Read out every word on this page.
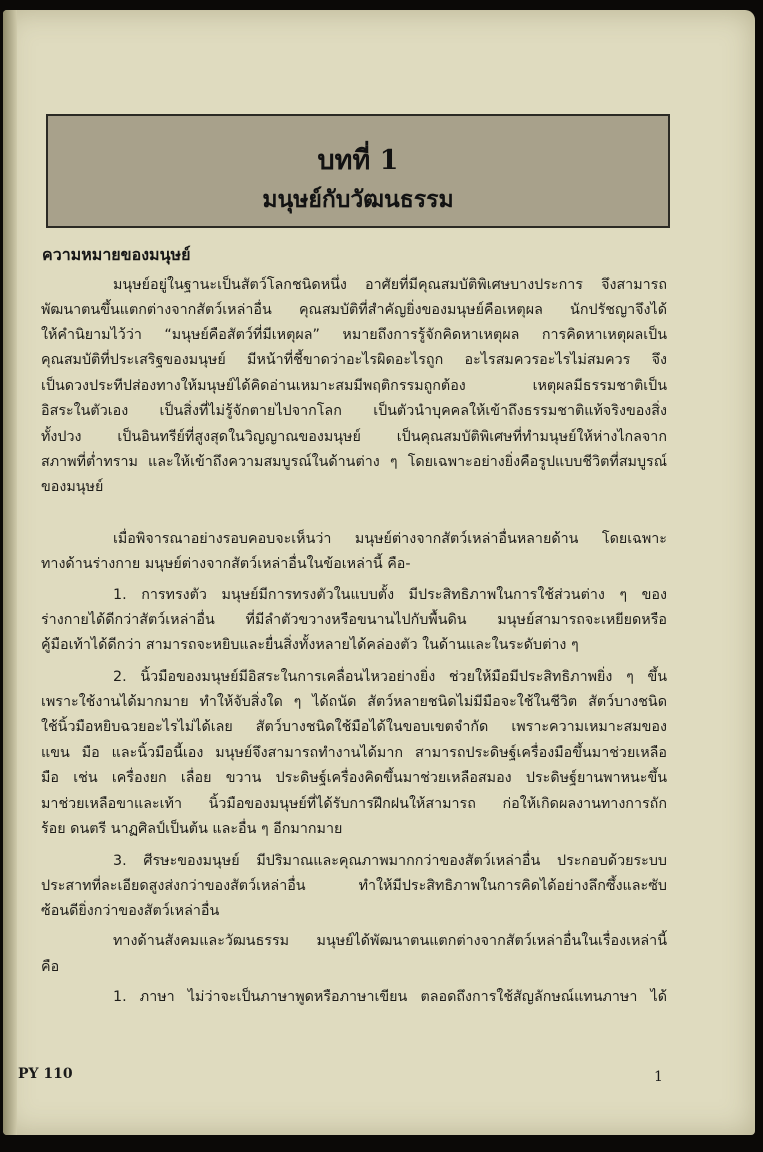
บทที่ 1
มนุษย์กับวัฒนธรรม
ความหมายของมนุษย์
มนุษย์อยู่ในฐานะเป็นสัตว์โลกชนิดหนึ่ง อาศัยที่มีคุณสมบัติพิเศษบางประการ จึงสามารถ
พัฒนาตนขึ้นแตกต่างจากสัตว์เหล่าอื่น คุณสมบัติที่สำคัญยิ่งของมนุษย์คือเหตุผล นักปรัชญาจึงได้
ให้คำนิยามไว้ว่า “มนุษย์คือสัตว์ที่มีเหตุผล” หมายถึงการรู้จักคิดหาเหตุผล การคิดหาเหตุผลเป็น
คุณสมบัติที่ประเสริฐของมนุษย์ มีหน้าที่ชี้ขาดว่าอะไรผิดอะไรถูก อะไรสมควรอะไรไม่สมควร จึง
เป็นดวงประทีปส่องทางให้มนุษย์ได้คิดอ่านเหมาะสมมีพฤติกรรมถูกต้อง เหตุผลมีธรรมชาติเป็น
อิสระในตัวเอง เป็นสิ่งที่ไม่รู้จักตายไปจากโลก เป็นตัวนำบุคคลให้เข้าถึงธรรมชาติแท้จริงของสิ่ง
ทั้งปวง เป็นอินทรีย์ที่สูงสุดในวิญญาณของมนุษย์ เป็นคุณสมบัติพิเศษที่ทำมนุษย์ให้ห่างไกลจาก
สภาพที่ต่ำทราม และให้เข้าถึงความสมบูรณ์ในด้านต่าง ๆ โดยเฉพาะอย่างยิ่งคือรูปแบบชีวิตที่สมบูรณ์
ของมนุษย์
เมื่อพิจารณาอย่างรอบคอบจะเห็นว่า มนุษย์ต่างจากสัตว์เหล่าอื่นหลายด้าน โดยเฉพาะ
ทางด้านร่างกาย มนุษย์ต่างจากสัตว์เหล่าอื่นในข้อเหล่านี้ คือ-
1. การทรงตัว มนุษย์มีการทรงตัวในแบบตั้ง มีประสิทธิภาพในการใช้ส่วนต่าง ๆ ของ
ร่างกายได้ดีกว่าสัตว์เหล่าอื่น ที่มีลำตัวขวางหรือขนานไปกับพื้นดิน มนุษย์สามารถจะเหยียดหรือ
คู้มือเท้าได้ดีกว่า สามารถจะหยิบและยื่นสิ่งทั้งหลายได้คล่องตัว ในด้านและในระดับต่าง ๆ
2. นิ้วมือของมนุษย์มีอิสระในการเคลื่อนไหวอย่างยิ่ง ช่วยให้มือมีประสิทธิภาพยิ่ง ๆ ขึ้น
เพราะใช้งานได้มากมาย ทำให้จับสิ่งใด ๆ ได้ถนัด สัตว์หลายชนิดไม่มีมือจะใช้ในชีวิต สัตว์บางชนิด
ใช้นิ้วมือหยิบฉวยอะไรไม่ได้เลย สัตว์บางชนิดใช้มือได้ในขอบเขตจำกัด เพราะความเหมาะสมของ
แขน มือ และนิ้วมือนี้เอง มนุษย์จึงสามารถทำงานได้มาก สามารถประดิษฐ์เครื่องมือขึ้นมาช่วยเหลือ
มือ เช่น เครื่องยก เลื่อย ขวาน ประดิษฐ์เครื่องคิดขึ้นมาช่วยเหลือสมอง ประดิษฐ์ยานพาหนะขึ้น
มาช่วยเหลือขาและเท้า นิ้วมือของมนุษย์ที่ได้รับการฝึกฝนให้สามารถ ก่อให้เกิดผลงานทางการถัก
ร้อย ดนตรี นาฏศิลป์เป็นต้น และอื่น ๆ อีกมากมาย
3. ศีรษะของมนุษย์ มีปริมาณและคุณภาพมากกว่าของสัตว์เหล่าอื่น ประกอบด้วยระบบ
ประสาทที่ละเอียดสูงส่งกว่าของสัตว์เหล่าอื่น ทำให้มีประสิทธิภาพในการคิดได้อย่างลึกซึ้งและซับ
ซ้อนดียิ่งกว่าของสัตว์เหล่าอื่น
ทางด้านสังคมและวัฒนธรรม มนุษย์ได้พัฒนาตนแตกต่างจากสัตว์เหล่าอื่นในเรื่องเหล่านี้
คือ
1. ภาษา ไม่ว่าจะเป็นภาษาพูดหรือภาษาเขียน ตลอดถึงการใช้สัญลักษณ์แทนภาษา ได้
PY 110	1
